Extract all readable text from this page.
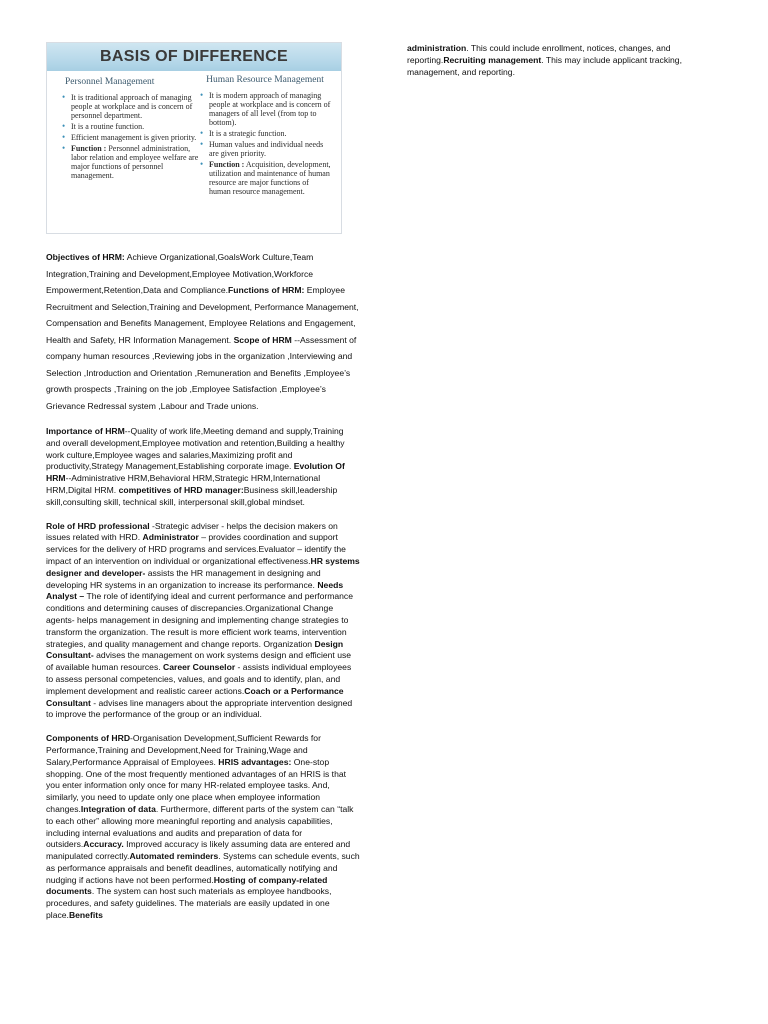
BASIS OF DIFFERENCE
Personnel Management
• It is traditional approach of managing people at workplace and is concern of personnel department.
• It is a routine function.
• Efficient management is given priority.
• Function : Personnel administration, labor relation and employee welfare are major functions of personnel management.
Human Resource Management
• It is modern approach of managing people at workplace and is concern of managers of all level (from top to bottom).
• It is a strategic function.
• Human values and individual needs are given priority.
• Function : Acquisition, development, utilization and maintenance of human resource are major functions of human resource management.

Objectives of HRM: Achieve Organizational,GoalsWork Culture,Team Integration,Training and Development,Employee Motivation,Workforce Empowerment,Retention,Data and Compliance.Functions of HRM: Employee Recruitment and Selection,Training and Development, Performance Management, Compensation and Benefits Management, Employee Relations and Engagement, Health and Safety, HR Information Management. Scope of HRM --Assessment of company human resources ,Reviewing jobs in the organization ,Interviewing and Selection ,Introduction and Orientation ,Remuneration and Benefits ,Employee’s growth prospects ,Training on the job ,Employee Satisfaction ,Employee’s Grievance Redressal system ,Labour and Trade unions.

Importance of HRM--Quality of work life,Meeting demand and supply,Training and overall development,Employee motivation and retention,Building a healthy work culture,Employee wages and salaries,Maximizing profit and productivity,Strategy Management,Establishing corporate image. Evolution Of HRM--Administrative HRM,Behavioral HRM,Strategic HRM,International HRM,Digital HRM. competitives of HRD manager:Business skill,leadership skill,consulting skill, technical skill, interpersonal skill,global mindset.

Role of HRD professional -Strategic adviser - helps the decision makers on issues related with HRD. Administrator – provides coordination and support services for the delivery of HRD programs and services.Evaluator – identify the impact of an intervention on individual or organizational effectiveness.HR systems designer and developer- assists the HR management in designing and developing HR systems in an organization to increase its performance. Needs Analyst – The role of identifying ideal and current performance and performance conditions and determining causes of discrepancies.Organizational Change agents- helps management in designing and implementing change strategies to transform the organization. The result is more efficient work teams, intervention strategies, and quality management and change reports. Organization Design Consultant- advises the management on work systems design and efficient use of available human resources. Career Counselor - assists individual employees to assess personal competencies, values, and goals and to identify, plan, and implement development and realistic career actions.Coach or a Performance Consultant - advises line managers about the appropriate intervention designed to improve the performance of the group or an individual.

Components of HRD-Organisation Development,Sufficient Rewards for Performance,Training and Development,Need for Training,Wage and Salary,Performance Appraisal of Employees. HRIS advantages: One-stop shopping. One of the most frequently mentioned advantages of an HRIS is that you enter information only once for many HR-related employee tasks. And, similarly, you need to update only one place when employee information changes.Integration of data. Furthermore, different parts of the system can “talk to each other” allowing more meaningful reporting and analysis capabilities, including internal evaluations and audits and preparation of data for outsiders.Accuracy. Improved accuracy is likely assuming data are entered and manipulated correctly.Automated reminders. Systems can schedule events, such as performance appraisals and benefit deadlines, automatically notifying and nudging if actions have not been performed.Hosting of company-related documents. The system can host such materials as employee handbooks, procedures, and safety guidelines. The materials are easily updated in one place.Benefits

administration. This could include enrollment, notices, changes, and reporting.Recruiting management. This may include applicant tracking, management, and reporting.
